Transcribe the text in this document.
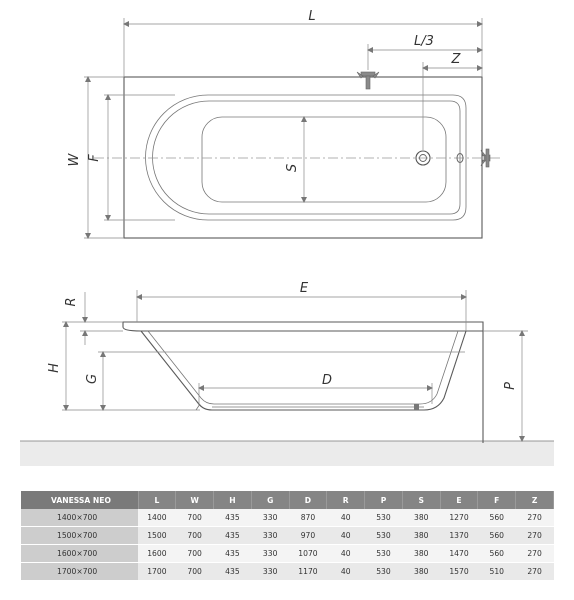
L
L/3
Z
W F
S
E
R
H
G	D	P
VANESSA NEO	L	W	H	G	D	R	P	S	E	F	Z
1400×700	1400	700	435	330	870	40	530	380	1270	560	270
1500×700	1500	700	435	330	970	40	530	380	1370	560	270
1600×700	1600	700	435	330	1070	40	530	380	1470	560	270
1700×700	1700	700	435	330	1170	40	530	380	1570	510	270
